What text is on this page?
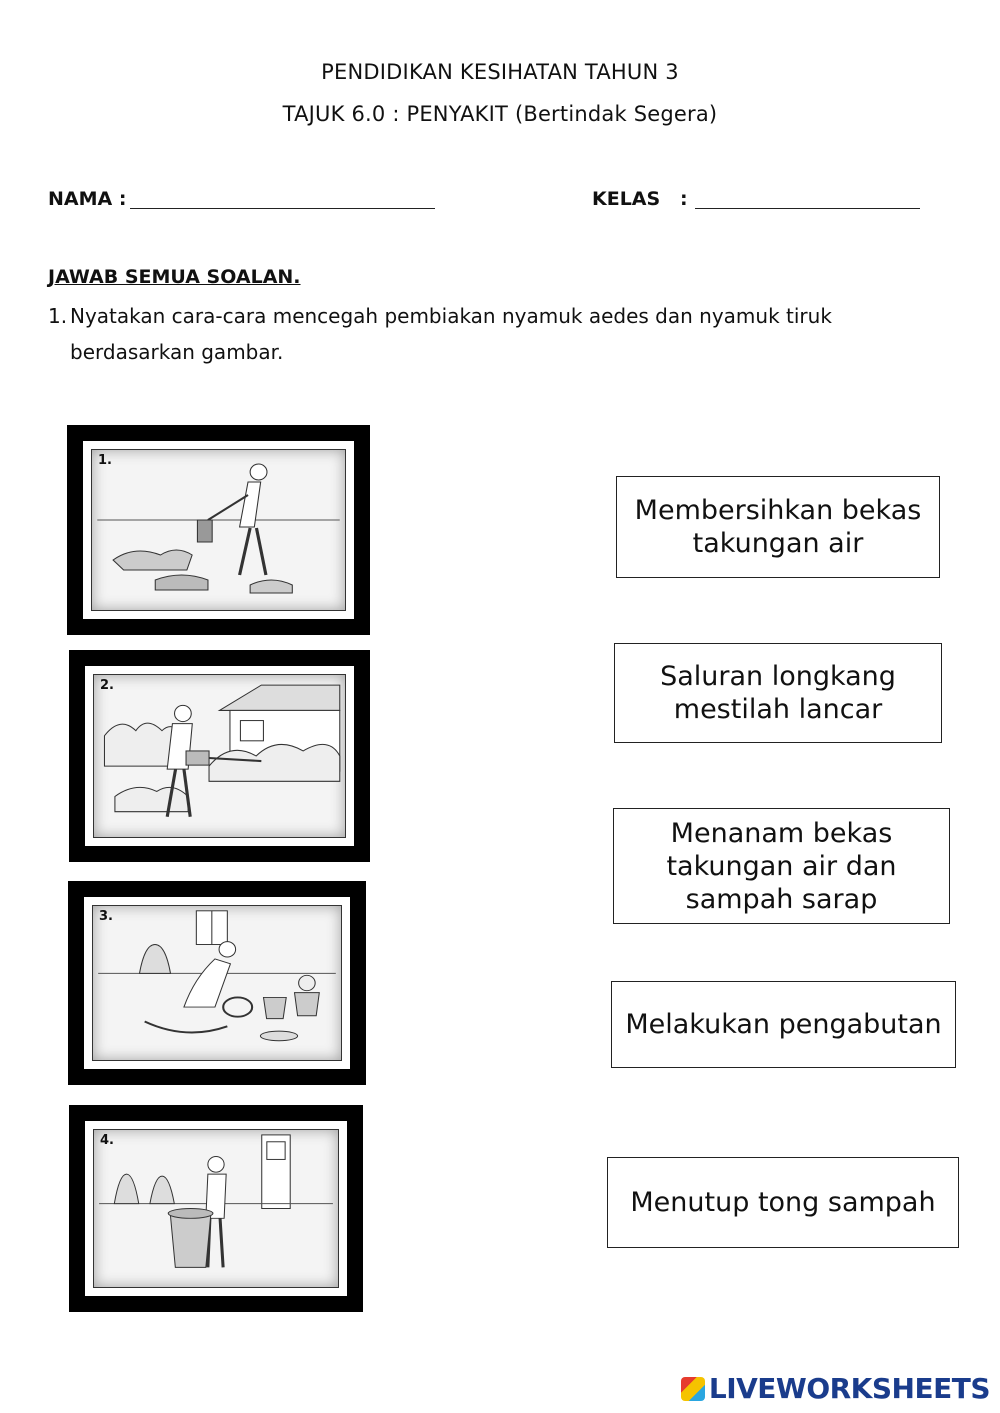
PENDIDIKAN KESIHATAN TAHUN 3
TAJUK 6.0 : PENYAKIT (Bertindak Segera)
NAMA :	KELAS   :
JAWAB SEMUA SOALAN.
1. Nyatakan cara-cara mencegah pembiakan nyamuk aedes dan nyamuk tiruk
berdasarkan gambar.
1.
2.
3.
4.
Membersihkan bekas takungan air
Saluran longkang mestilah lancar
Menanam bekas takungan air dan sampah sarap
Melakukan pengabutan
Menutup tong sampah
LIVEWORKSHEETS
